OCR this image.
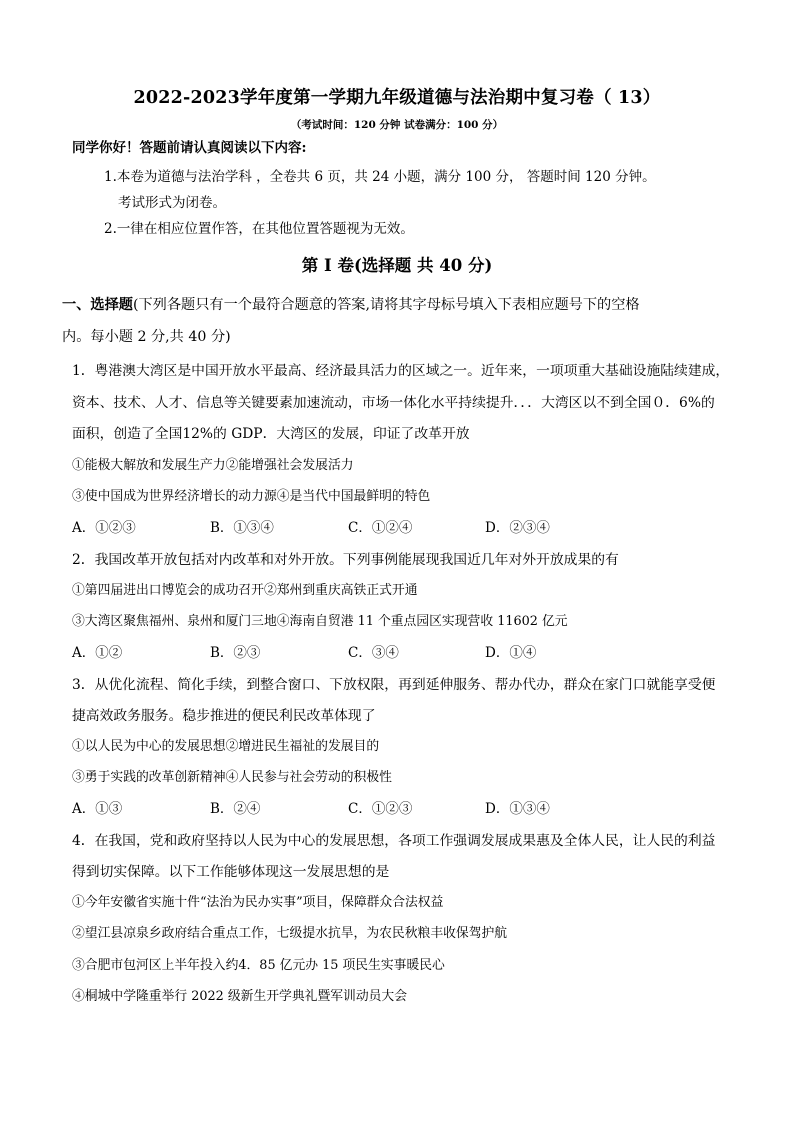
2022-2023学年度第一学期九年级道德与法治期中复习卷（ 13）
（考试时间：120 分钟 试卷满分：100 分）
同学你好！答题前请认真阅读以下内容:
1.本卷为道德与法治学科 ，全卷共 6 页，共 24 小题，满分 100 分， 答题时间 120 分钟。
考试形式为闭卷。
2.一律在相应位置作答，在其他位置答题视为无效。
第 I 卷(选择题 共 40 分)
一、选择题(下列各题只有一个最符合题意的答案,请将其字母标号填入下表相应题号下的空格
内。每小题 2 分,共 40 分)
1．粤港澳大湾区是中国开放水平最高、经济最具活力的区域之一。近年来，一项项重大基础设施陆续建成，
资本、技术、人才、信息等关键要素加速流动，市场一体化水平持续提升．．．大湾区以不到全国０．6%的
面积，创造了全国12%的 GDP．大湾区的发展，印证了改革开放
①能极大解放和发展生产力②能增强社会发展活力
③使中国成为世界经济增长的动力源④是当代中国最鲜明的特色
A．①②③	B．①③④	C．①②④	D．②③④
2．我国改革开放包括对内改革和对外开放。下列事例能展现我国近几年对外开放成果的有
①第四届进出口博览会的成功召开②郑州到重庆高铁正式开通
③大湾区聚焦福州、泉州和厦门三地④海南自贸港 11 个重点园区实现营收 11602 亿元
A．①②	B．②③	C．③④	D．①④
3．从优化流程、简化手续，到整合窗口、下放权限，再到延伸服务、帮办代办，群众在家门口就能享受便
捷高效政务服务。稳步推进的便民利民改革体现了
①以人民为中心的发展思想②增进民生福祉的发展目的
③勇于实践的改革创新精神④人民参与社会劳动的积极性
A．①③	B．②④	C．①②③	D．①③④
4．在我国，党和政府坚持以人民为中心的发展思想，各项工作强调发展成果惠及全体人民，让人民的利益
得到切实保障。以下工作能够体现这一发展思想的是
①今年安徽省实施十件“法治为民办实事”项目，保障群众合法权益
②望江县凉泉乡政府结合重点工作，七级提水抗旱，为农民秋粮丰收保驾护航
③合肥市包河区上半年投入约4．85 亿元办 15 项民生实事暖民心
④桐城中学隆重举行 2022 级新生开学典礼暨军训动员大会
